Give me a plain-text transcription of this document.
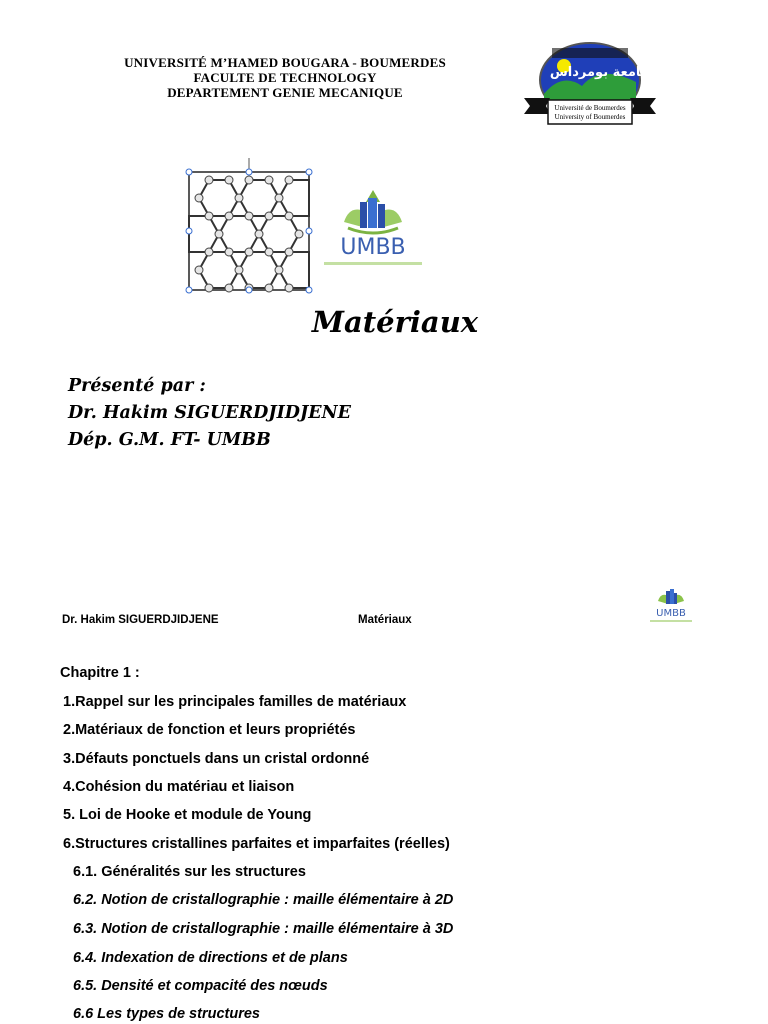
UNIVERSITÉ M’HAMED BOUGARA - BOUMERDES
FACULTE DE TECHNOLOGY
DEPARTEMENT GENIE MECANIQUE
جامعة بومرداس
Université de Boumerdes
University of Boumerdes
UMBB
Matériaux
Présenté par :
Dr. Hakim SIGUERDJIDJENE
Dép. G.M. FT- UMBB
Dr. Hakim SIGUERDJIDJENE	Matériaux
UMBB
Chapitre 1 :
1.Rappel sur les principales familles de matériaux
2.Matériaux de fonction et leurs propriétés
3.Défauts ponctuels dans un cristal ordonné
4.Cohésion du matériau et liaison
5. Loi de Hooke et module de Young
6.Structures cristallines parfaites et imparfaites (réelles)
6.1. Généralités sur les structures
6.2. Notion de cristallographie : maille élémentaire à 2D
6.3. Notion de cristallographie : maille élémentaire à 3D
6.4. Indexation de directions et de plans
6.5. Densité et compacité des nœuds
6.6 Les types de structures
